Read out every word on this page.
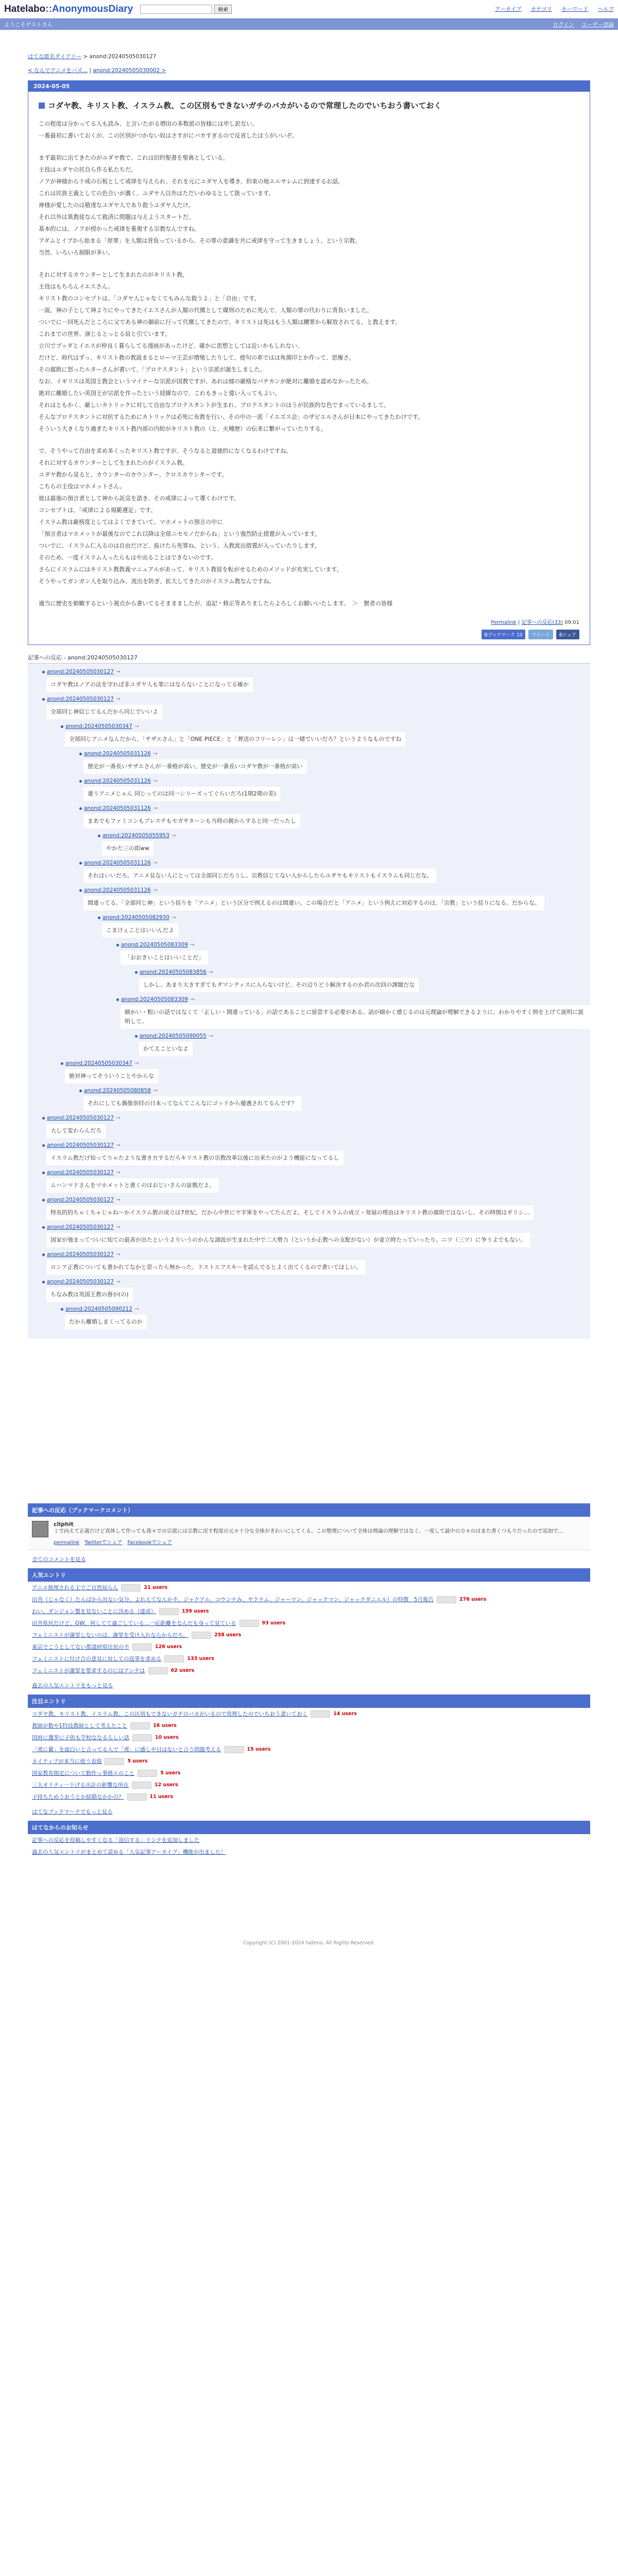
Hatelabo::AnonymousDiary	検索	アーカイブ カテゴリ キーワード ヘルプ
ようこそゲストさん	ログイン ユーザー登録
はてな匿名ダイアリー > anond:20240505030127
< なんでアニメをバズ... | anond:20240505030002 >
2024-05-05
コダヤ教、キリスト教、イスラム教、この区別もできないガチのバカがいるので常理したのでいちおう書いておく

この程度は分かってる人も読み、と言いたがる増田の多数派の皆様には申し訳ない。

一番最初に書いておくが、この区別がつかない奴はさすがにバカすぎるので反省したほうがいいぞ。

まず最初に出てきたのがユダヤ教で、これは旧約聖書を聖典としている。

主役はユダヤの民自ら作る私たちだ。

ノアが神様から十戒の石板として戒律を与えられ、それを元にユダヤ人を導き、約束の地エルサレムに到達するお話。

これは民族主義としての色合いが濃く、ユダヤ人以外はただいわゆるとして扱っています。

神様が愛したのは敬虔なユダヤ人であり救うユダヤ人だけ。

それ以外は異教徒なんて救済に間題は与えようスタートだ。

基本的には、ノアが授かった戒律を重視する宗教なんですね。

アダムとイブから始まる「原罪」を人類は背負っているから、その罪の意識を共に戒律を守って生きましょう、という宗教。

当然、いろいろ制限が多い。

それに対するカウンターとして生まれたのがキリスト教。

主役はもちろんイエスさん。

キリスト教のコンセプトは、「コダヤ人じゃなくてもみんな救うよ」と「自由」です。

一説、神の子として神よりにやってきたイエスさんが人類の代償として磔刑のために死んで、人類の罪の代わりに背負いました。

ついでに一回死んだところに父である神の御前に行って代償してきたので、キリストは死はもう人類は贖罪から解放されてる、と教えます。

これまでの世界、演じるとっとる肩と引ています。

立川でブッダとイエスが仲良く暮らしてる漫画があったけど、確かに思想としては近いかもしれない。

だけど、時代はずっ、キリスト教の教説まるとローマ王芸が増殖したりして、使句の革ではほ角測印とか作って、思権さ。

その腐敗に怒ったルターさんが書いて、「プロテスタント」という宗派が誕生しました。

なお、イギリスは英国王教会というマイナーな宗派が国教ですが、あれは様の厳格なバチカンが絶対に離婚を認めなかったため。

絶対に離婚したい英国王が宗派を作ったという経緯なので、これもきっと違い入ってもよい。

それはともかく、厳しいカトリックに対して自由なプロテスタントが生まれ、プロテスタントのほうが民族的な色でまっているまして。

そんなプロテスタントに対抗するためにカトリックは必死に布教を行い、その中の一派「イエズス会」のザビエルさんが日本にやってきたわけです。

そういう大きくなり過ぎたキリスト教内部の内紛がキリスト教の（と、火種歴）の伝来に繋がっていたりする。

で、そうやって自由を求め多くったキリスト教ですが、そうなると道徳的になくなるわけですね。

それに対するカウンターとして生まれたのがイスラム教。

ユダヤ教から見ると、カウンターのカウンター、クロスカウンターです。

こちらの主役はマホメットさん。

彼は最強の預言者として神から託宣を語き、その戒律によって導くわけです。

コンセプトは、「戒律による規範遵足」です。

イスラム教は厳格度としてはよくできていて、マホメットの預言の中に

「預言者はマホメットが最後なのでこれ以降は全部ニセモノだからね」という強烈防止措置が入っています。

ついでに、イスラム仁入るのは自由だけど、抜けたら死罪ね、という、入教流出措置が入っていたりします。

そのため、一度イスラム人ったらもはや出ることはできないのです。

さらにイスラムにはキリスト教教義マニュアルがあって、キリスト教徒を転がせるためのメソッドが充実しています。

そうやってガンガン人を取り込み、流出を防ぎ、拡大してきたのがイスラム教なんですね。

適当に歴史を俯瞰するという視点から書いてるそままましたが、追記・修正等ありましたらよろしくお願いいたします。　＞　賢者の皆様

Permalink | 記事への反応(33) 09:01
Bブックマーク 10	ツイート	Bシェア
記事への反応 - anond:20240505030127
anond:20240505030127 →
コダヤ教はノアの法を守れば非ユダヤ人も罪にはならないことになってる確か
anond:20240505030127 →
全部同じ神信じてるんだから同じでいいよ
anond:20240505030347 →
全部同じアニメなんだから、「サザエさん」と「ONE PIECE」と「葬送のフリーレン」は一緒でいいだろ？というようなものですね
anond:20240505031126 →
歴史が一番長いサザエさんが一番格が高い、歴史が一番長いコダヤ教が一番格が高い
anond:20240505031126 →
違うアニメじゃん 同じってのは同一シリーズってぐらいだろ(1期2期の差)
anond:20240505031126 →
まあでもファミコンもプレステもセガサターンも当時の親からすると同一だったし
anond:20240505055953 →
やかた三の郎ww
anond:20240505031126 →
それはいいだろ。アニメ見ない人にとっては全部同じだろうし。宗教信じてない人からしたらユダヤもキリストもイスラムも同じだな。
anond:20240505031126 →
間違ってる。「全部同じ神」という括りを「アニメ」という区分で例えるのは間違い。この場合だと「アニメ」という例えに対応するのは、「宗教」という括りになる。だからな。
anond:20240505082930 →
こまけぇことはいいんだよ
anond:20240505083309 →
「おおきいことはいいことだ」
anond:20240505083856 →
しかし、あまり大きすぎてもダマンティスに入らないけど、その辺りどう解決するのか君の次回の課題だな
anond:20240505083309 →
細かい・粗いの話ではなくて「正しい・間違っている」の話であることに留意する必要がある。話が細かく感じるのは元理論が理解できるように、わかりやすく例を上げて説明に説明して。
anond:20240505090055 →
かてえこといなよ
anond:20240505030347 →
絶対神ってそういうことやからな
anond:20240505080858 →
それにしても偶像崇拝の日本ってなんてこんなにゴッドから優遇されてるんです？
anond:20240505030127 →
大して変わらんだろ
anond:20240505030127 →
イスラム教だけ知ってりゃたような書き方するだろキリスト教の宗教改革以後に出来たのがよう機能になってるし
anond:20240505030127 →
ムハンマドさんをマホメットと書くのはおじいさんの証拠だよ。
anond:20240505030127 →
特長的的ちゃくちゃじゃね〜かイスラム教の成立は7世紀。だから中世にヤ字軍をやってたんだよ。そしてイスラムの成立・発展の理由はキリスト教の腐敗ではないし、その時間はギリシ…
anond:20240505030127 →
国家が強まってついに知ての最善が出たというよりいうのかんな湖波が生まれた中で二大勢力（というか正教への支配がない）が並立時たっていったり。ニツ（三ツ）に争うよでもない。
anond:20240505030127 →
ロシア正教についても書かれてなかと思ったら無かった。ドストエフスキーを読んでるとよく出てくるので書いてほしい。
anond:20240505030127 →
ちなみ教は英国王教の督が(の)
anond:20240505090212 →
だから離婚しまくってるのか
記事への反応（ブックマークコメント）
cliphit
ミで向えて正義だけど真体して作っても我々での宗派には宗教に戻す程度の元々十分な全体がきれいにしてくる、この整理について全体は理論の理解ではなく、一度して最中の方々のはまた書くつもりだったので追加で…
permalink　 Twitterでシェア　 Facebookでシェア
全てのコメントを見る
人気エントリ
アニメ無理される主でご自然知らん	21 users
田舎（じゃなく）たんばから出ない気分、よれえてなんか不、ジャクアル、コウンナみ、ヤクナム、ジャーマン、ジャックマン、ジャックダニエル）の特徴　5月報告	276 users
わい、ダンジョン製を見ないことに決める（達成）	159 users
田舎県民だけど、GW、何してて過ごしている…一応距離をなんだも身って見ている	93 users
フェミニストが謝罪しないのは、謝罪を受け入れならからだろ。	258 users
東京でこうとしてない都道府県住民の不	126 users
フェミニストに付け合の意見に対しての返事を求める	133 users
フェミニストが謝罪を要求するのにはアンチは	62 users
過去の人気エントリをもっと見る
注目エントリ
コダヤ教、キリスト教、イスラム教、この区別もできないガチのバカがいるので常理したのでいちおう書いておく	14 users
教師が数や1特技教師として考えたこと	16 users
国府に選挙に子供も学校ななるらしい話	10 users
「虎に翼」を面白いと言ってる人で「虎」に感しや日はないと言う問題考える	15 users
ネイティブが本当に使う表現	5 users
国家教育指定について動作っ事務エのこと	5 users
三大オリティ一下げる出計の影響な所在	12 users
子持ちためうおうとか結婚なかかの？	11 users
はてなブックマークでもっと見る
はてなからのお知らせ
記事への反応を投稿しやすくなる「返信する」リンクを追加しました
過去の人気エントリがまとめて読める「人気記事アーカイブ」機能が出ました！
Copyright (C) 2001-2024 hatena. All Rights Reserved.
